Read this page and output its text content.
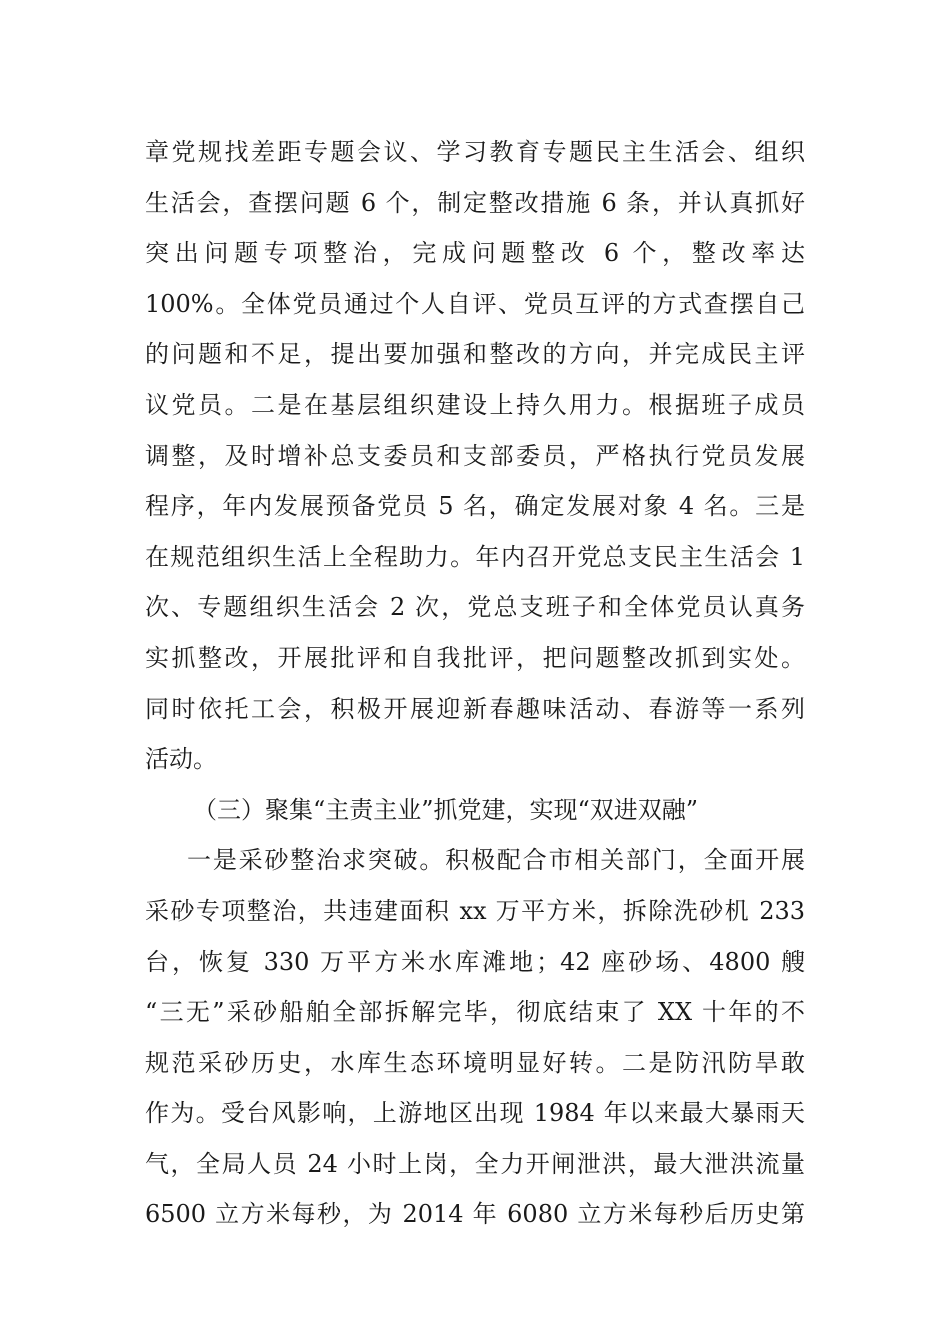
章党规找差距专题会议、学习教育专题民主生活会、组织
生活会，查摆问题 6 个，制定整改措施 6 条，并认真抓好
突出问题专项整治，完成问题整改 6 个，整改率达
100%。全体党员通过个人自评、党员互评的方式查摆自己
的问题和不足，提出要加强和整改的方向，并完成民主评
议党员。二是在基层组织建设上持久用力。根据班子成员
调整，及时增补总支委员和支部委员，严格执行党员发展
程序，年内发展预备党员 5 名，确定发展对象 4 名。三是
在规范组织生活上全程助力。年内召开党总支民主生活会 1
次、专题组织生活会 2 次，党总支班子和全体党员认真务
实抓整改，开展批评和自我批评，把问题整改抓到实处。
同时依托工会，积极开展迎新春趣味活动、春游等一系列
活动。
（三）聚集“主责主业”抓党建，实现“双进双融”
一是采砂整治求突破。积极配合市相关部门，全面开展
采砂专项整治，共违建面积 xx 万平方米，拆除洗砂机 233
台，恢复 330 万平方米水库滩地；42 座砂场、4800 艘
“三无”采砂船舶全部拆解完毕，彻底结束了 XX 十年的不
规范采砂历史，水库生态环境明显好转。二是防汛防旱敢
作为。受台风影响，上游地区出现 1984 年以来最大暴雨天
气，全局人员 24 小时上岗，全力开闸泄洪，最大泄洪流量
6500 立方米每秒，为 2014 年 6080 立方米每秒后历史第
